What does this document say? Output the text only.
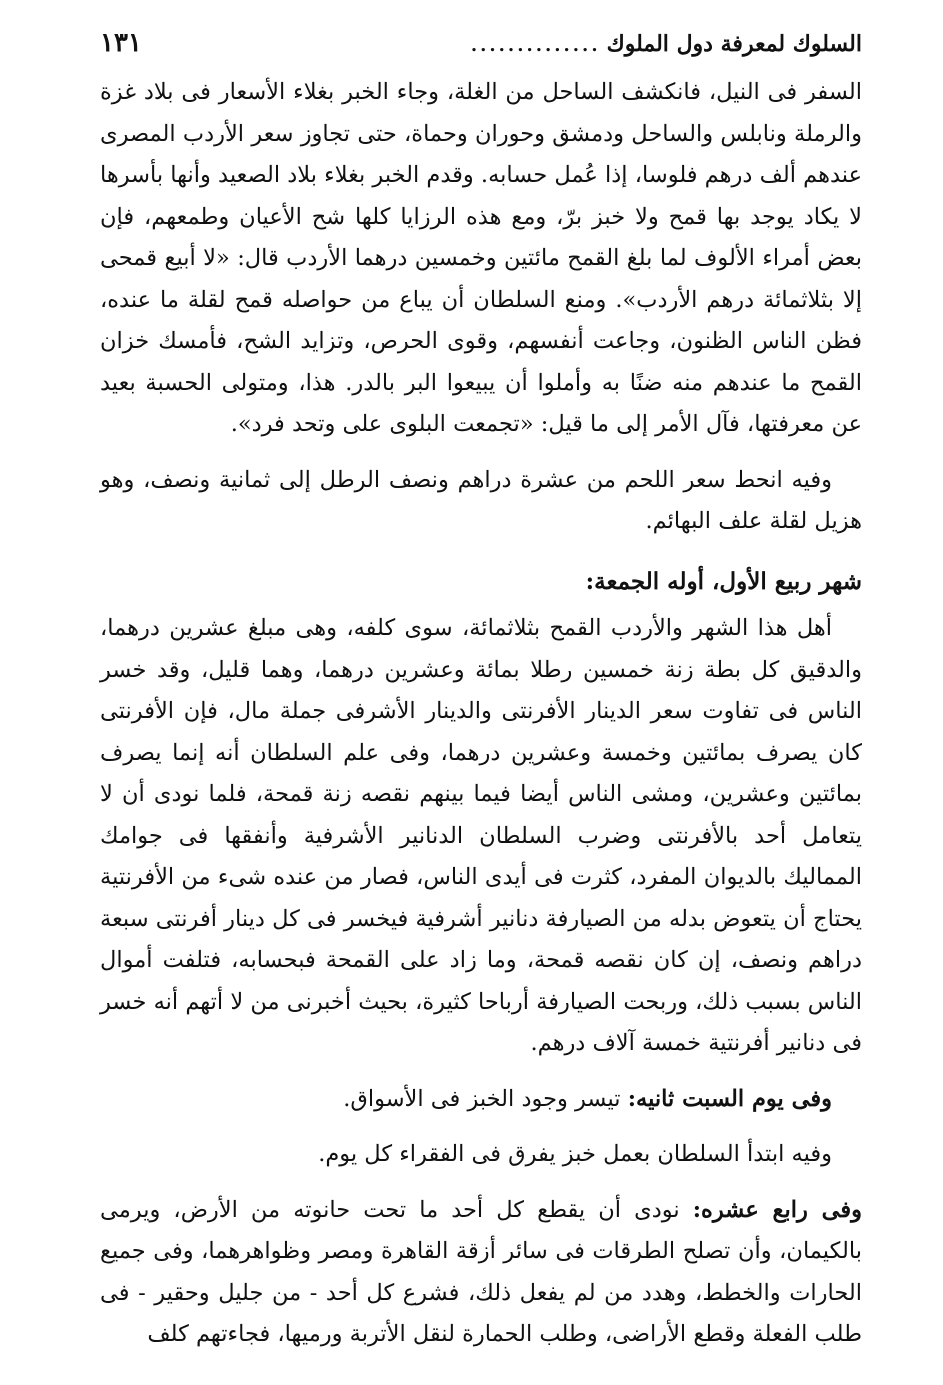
السلوك لمعرفة دول الملوك
..............
١٣١

السفر فى النيل، فانكشف الساحل من الغلة، وجاء الخبر بغلاء الأسعار فى بلاد غزة والرملة ونابلس والساحل ودمشق وحوران وحماة، حتى تجاوز سعر الأردب المصرى عندهم ألف درهم فلوسا، إذا عُمل حسابه. وقدم الخبر بغلاء بلاد الصعيد وأنها بأسرها لا يكاد يوجد بها قمح ولا خبز برّ، ومع هذه الرزايا كلها شح الأعيان وطمعهم، فإن بعض أمراء الألوف لما بلغ القمح مائتين وخمسين درهما الأردب قال: «لا أبيع قمحى إلا بثلاثمائة درهم الأردب». ومنع السلطان أن يباع من حواصله قمح لقلة ما عنده، فظن الناس الظنون، وجاعت أنفسهم، وقوى الحرص، وتزايد الشح، فأمسك خزان القمح ما عندهم منه ضنًا به وأملوا أن يبيعوا البر بالدر. هذا، ومتولى الحسبة بعيد عن معرفتها، فآل الأمر إلى ما قيل: «تجمعت البلوى على وتحد فرد».

وفيه انحط سعر اللحم من عشرة دراهم ونصف الرطل إلى ثمانية ونصف، وهو هزيل لقلة علف البهائم.

شهر ربيع الأول، أوله الجمعة:

أهل هذا الشهر والأردب القمح بثلاثمائة، سوى كلفه، وهى مبلغ عشرين درهما، والدقيق كل بطة زنة خمسين رطلا بمائة وعشرين درهما، وهما قليل، وقد خسر الناس فى تفاوت سعر الدينار الأفرنتى والدينار الأشرفى جملة مال، فإن الأفرنتى كان يصرف بمائتين وخمسة وعشرين درهما، وفى علم السلطان أنه إنما يصرف بمائتين وعشرين، ومشى الناس أيضا فيما بينهم نقصه زنة قمحة، فلما نودى أن لا يتعامل أحد بالأفرنتى وضرب السلطان الدنانير الأشرفية وأنفقها فى جوامك المماليك بالديوان المفرد، كثرت فى أيدى الناس، فصار من عنده شىء من الأفرنتية يحتاج أن يتعوض بدله من الصيارفة دنانير أشرفية فيخسر فى كل دينار أفرنتى سبعة دراهم ونصف، إن كان نقصه قمحة، وما زاد على القمحة فبحسابه، فتلفت أموال الناس بسبب ذلك، وربحت الصيارفة أرباحا كثيرة، بحيث أخبرنى من لا أتهم أنه خسر فى دنانير أفرنتية خمسة آلاف درهم.

وفى يوم السبت ثانيه: تيسر وجود الخبز فى الأسواق.

وفيه ابتدأ السلطان بعمل خبز يفرق فى الفقراء كل يوم.

وفى رابع عشره: نودى أن يقطع كل أحد ما تحت حانوته من الأرض، ويرمى بالكيمان، وأن تصلح الطرقات فى سائر أزقة القاهرة ومصر وظواهرهما، وفى جميع الحارات والخطط، وهدد من لم يفعل ذلك، فشرع كل أحد - من جليل وحقير - فى طلب الفعلة وقطع الأراضى، وطلب الحمارة لنقل الأتربة ورميها، فجاءتهم كلف
